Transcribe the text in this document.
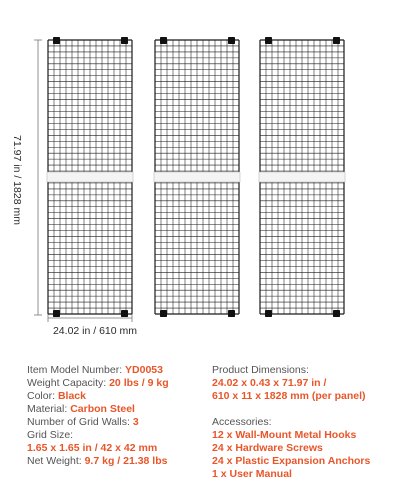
71.97 in / 1828 mm
24.02 in / 610 mm
Item Model Number: YD0053
Weight Capacity: 20 lbs / 9 kg
Color: Black
Material: Carbon Steel
Number of Grid Walls: 3
Grid Size:
1.65 x 1.65 in / 42 x 42 mm
Net Weight: 9.7 kg / 21.38 lbs
Product Dimensions:
24.02 x 0.43 x 71.97 in /
610 x 11 x 1828 mm (per panel)
Accessories:
12 x Wall-Mount Metal Hooks
24 x Hardware Screws
24 x Plastic Expansion Anchors
1 x User Manual
